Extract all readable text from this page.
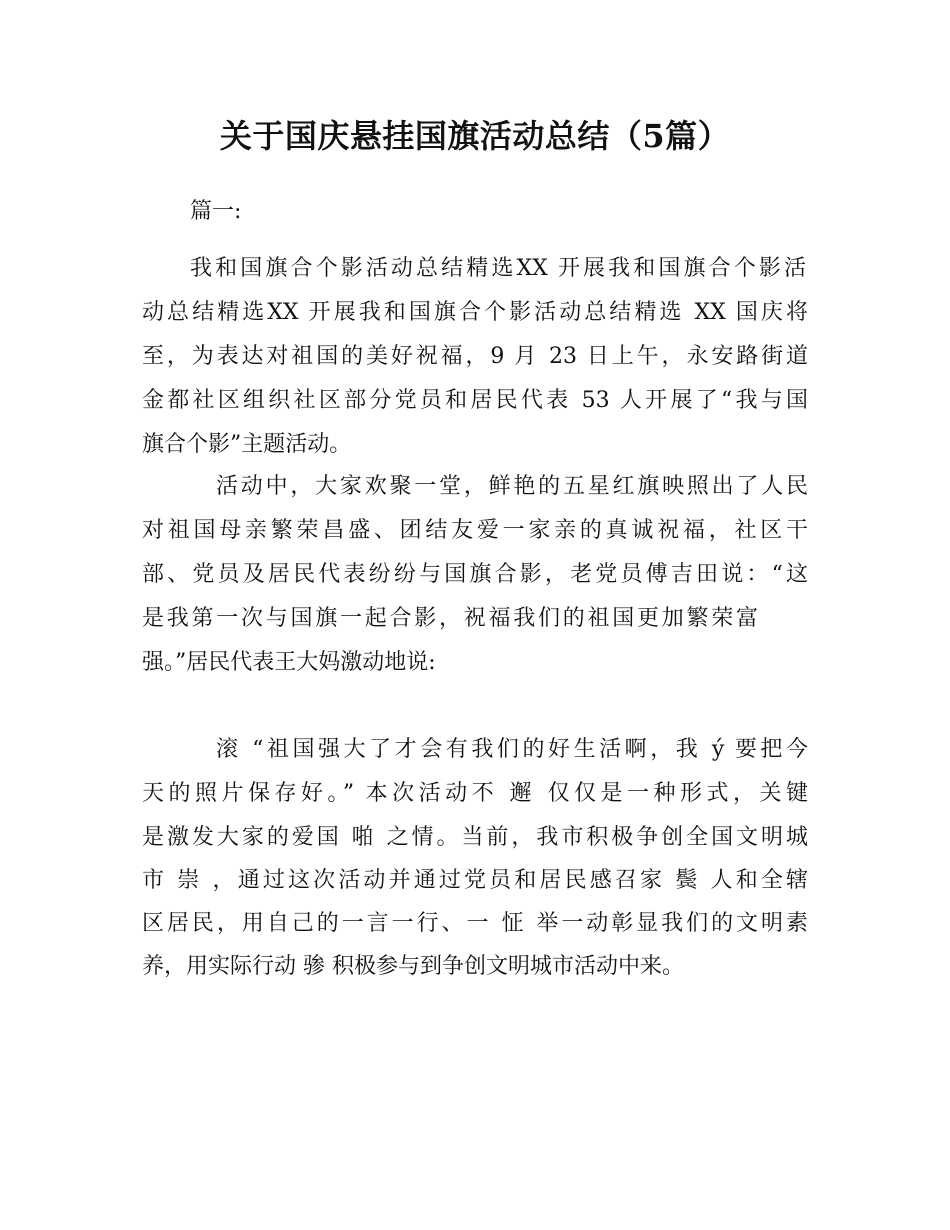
关于国庆悬挂国旗活动总结（5篇）

篇一:

我和国旗合个影活动总结精选XX 开展我和国旗合个影活

动总结精选XX 开展我和国旗合个影活动总结精选 XX 国庆将

至，为表达对祖国的美好祝福，9 月 23 日上午，永安路街道

金都社区组织社区部分党员和居民代表 53 人开展了“我与国

旗合个影”主题活动。

活动中，大家欢聚一堂，鲜艳的五星红旗映照出了人民

对祖国母亲繁荣昌盛、团结友爱一家亲的真诚祝福，社区干

部、党员及居民代表纷纷与国旗合影，老党员傅吉田说：“这

是我第一次与国旗一起合影，祝福我们的祖国更加繁荣富

强。”居民代表王大妈激动地说:

滚 “祖国强大了才会有我们的好生活啊，我 ý 要把今

天的照片保存好。” 本次活动不 邂 仅仅是一种形式，关键

是激发大家的爱国 啪 之情。当前，我市积极争创全国文明城

市 崇 ，通过这次活动并通过党员和居民感召家 鬓 人和全辖

区居民，用自己的一言一行、一 怔 举一动彰显我们的文明素

养，用实际行动 骖 积极参与到争创文明城市活动中来。
